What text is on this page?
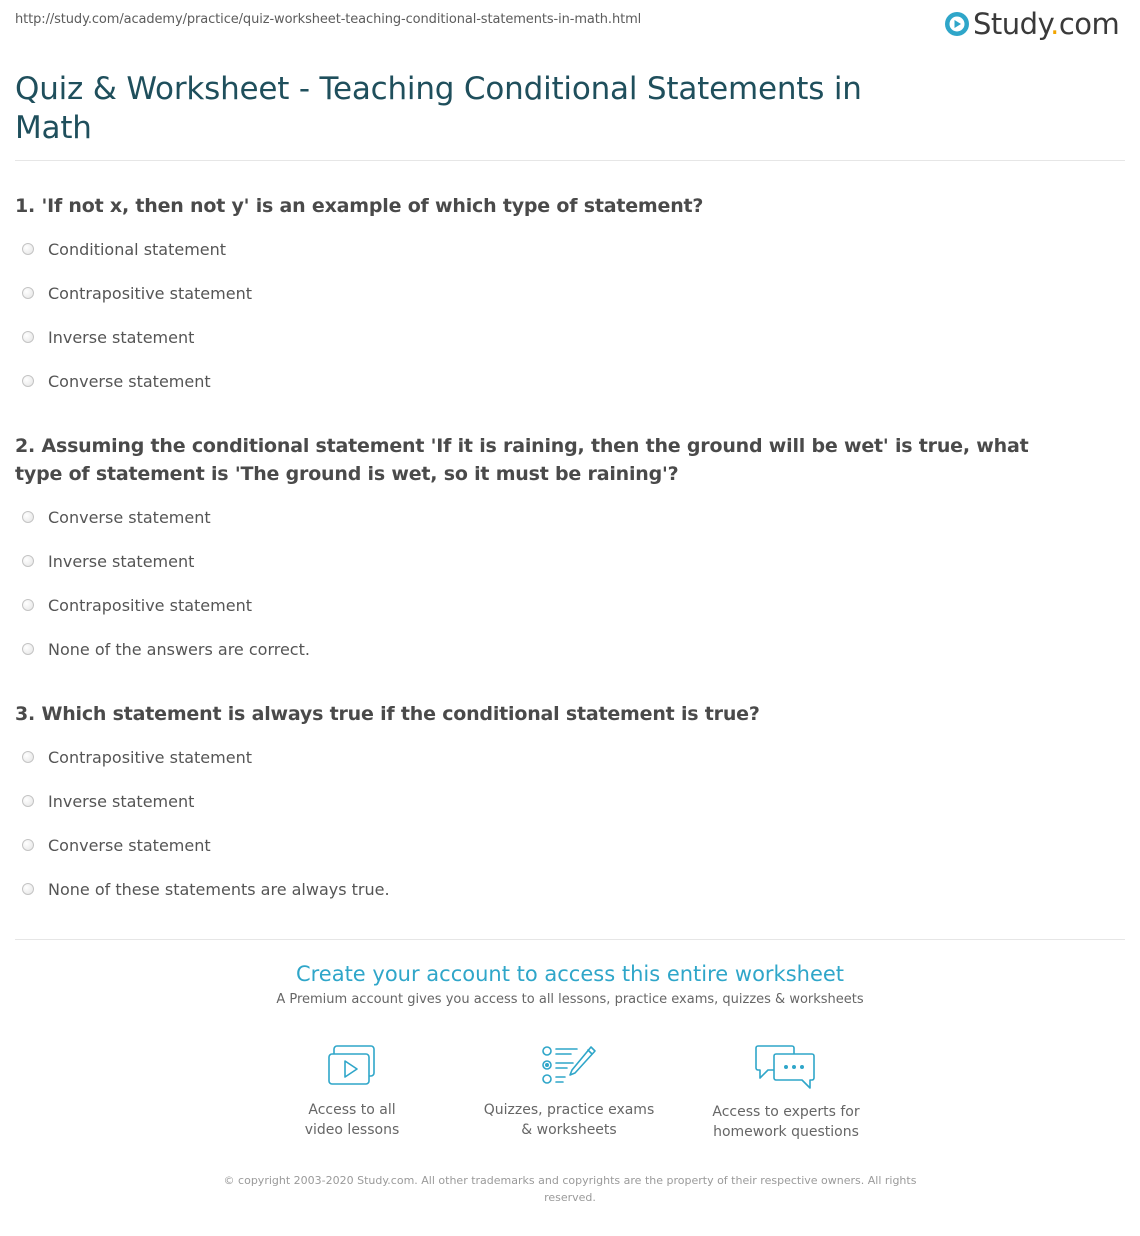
http://study.com/academy/practice/quiz-worksheet-teaching-conditional-statements-in-math.html	Study.com
Quiz & Worksheet - Teaching Conditional Statements in Math
1. 'If not x, then not y' is an example of which type of statement?
Conditional statement
Contrapositive statement
Inverse statement
Converse statement
2. Assuming the conditional statement 'If it is raining, then the ground will be wet' is true, what type of statement is 'The ground is wet, so it must be raining'?
Converse statement
Inverse statement
Contrapositive statement
None of the answers are correct.
3. Which statement is always true if the conditional statement is true?
Contrapositive statement
Inverse statement
Converse statement
None of these statements are always true.
Create your account to access this entire worksheet
A Premium account gives you access to all lessons, practice exams, quizzes & worksheets
Access to all
video lessons
Quizzes, practice exams
& worksheets
Access to experts for
homework questions
© copyright 2003-2020 Study.com. All other trademarks and copyrights are the property of their respective owners. All rights reserved.
